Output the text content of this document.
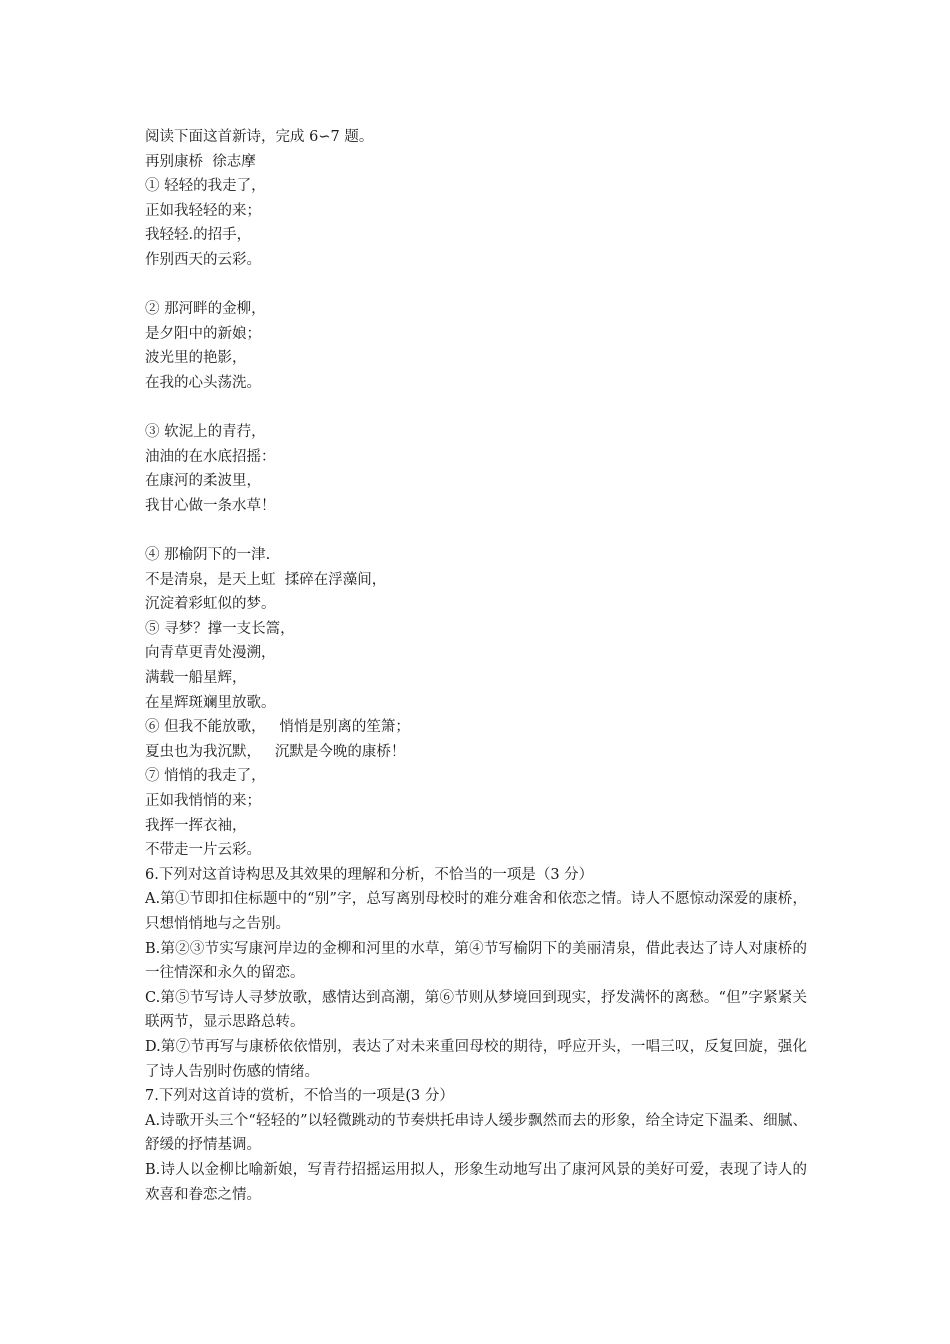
阅读下面这首新诗，完成 6∽7 题。
再别康桥  徐志摩
① 轻轻的我走了，
正如我轻轻的来；
我轻轻.的招手，
作别西天的云彩。
② 那河畔的金柳，
是夕阳中的新娘；
波光里的艳影，
在我的心头荡洗。
③ 软泥上的青荇，
油油的在水底招摇：
在康河的柔波里，
我甘心做一条水草！
④ 那榆阴下的一津.
不是清泉，是天上虹  揉碎在浮藻间，
沉淀着彩虹似的梦。
⑤ 寻梦？撑一支长篙，
向青草更青处漫溯，
满载一船星辉，
在星辉斑斓里放歌。
⑥ 但我不能放歌，   悄悄是别离的笙箫；
夏虫也为我沉默，   沉默是今晚的康桥！
⑦ 悄悄的我走了，
正如我悄悄的来；
我挥一挥衣袖，
不带走一片云彩。
6.下列对这首诗构思及其效果的理解和分析，不恰当的一项是（3 分）
A.第①节即扣住标题中的“别”字，总写离别母校时的难分难舍和依恋之情。诗人不愿惊动深爱的康桥，只想悄悄地与之告别。
B.第②③节实写康河岸边的金柳和河里的水草，第④节写榆阴下的美丽清泉，借此表达了诗人对康桥的一往情深和永久的留恋。
C.第⑤节写诗人寻梦放歌，感情达到高潮，第⑥节则从梦境回到现实，抒发满怀的离愁。“但”字紧紧关联两节，显示思路总转。
D.第⑦节再写与康桥依依惜别，表达了对未来重回母校的期待，呼应开头，一唱三叹，反复回旋，强化了诗人告别时伤感的情绪。
7.下列对这首诗的赏析，不恰当的一项是(3 分）
A.诗歌开头三个“轻轻的”以轻微跳动的节奏烘托串诗人缓步飘然而去的形象，给全诗定下温柔、细腻、舒缓的抒情基调。
B.诗人以金柳比喻新娘，写青荇招摇运用拟人，形象生动地写出了康河风景的美好可爱，表现了诗人的欢喜和眷恋之情。
